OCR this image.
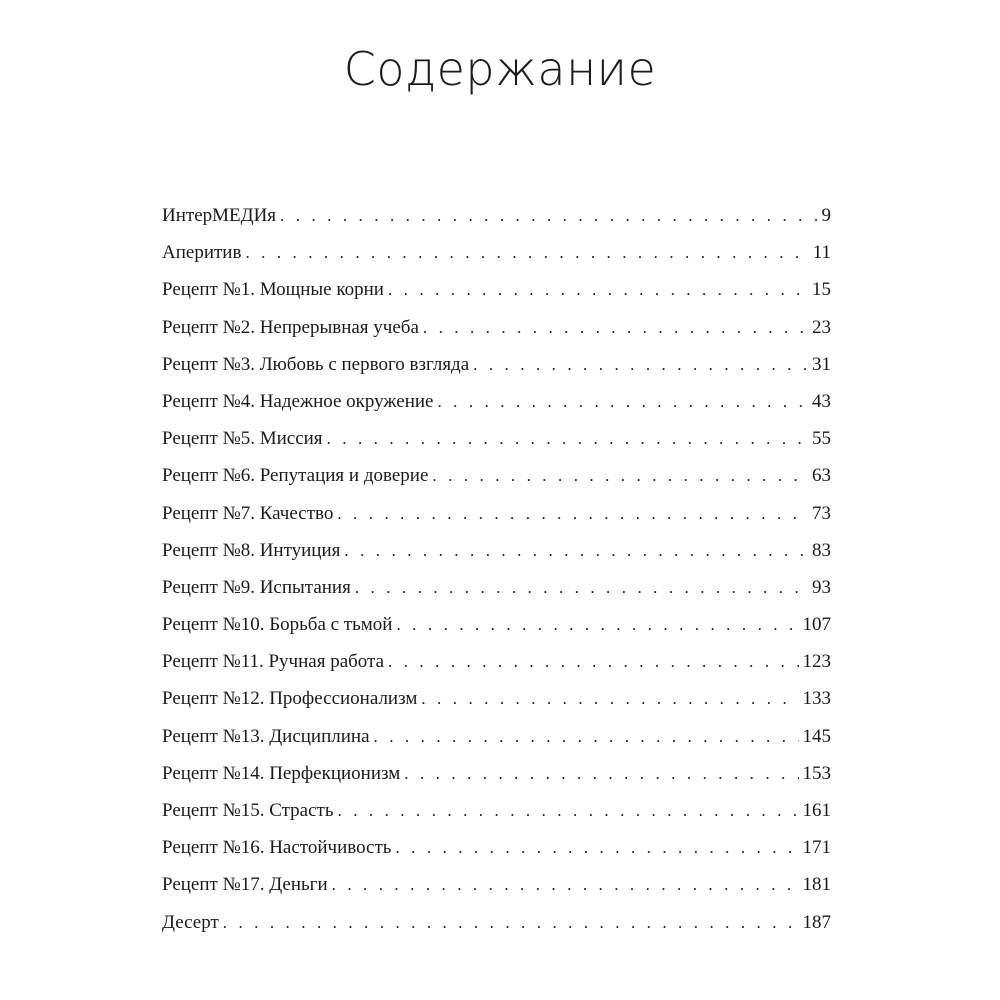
Содержание
ИнтерМЕДИя . . .	9
Аперитив . . .	11
Рецепт №1. Мощные корни . . .	15
Рецепт №2. Непрерывная учеба . . .	23
Рецепт №3. Любовь с первого взгляда . . .	31
Рецепт №4. Надежное окружение . . .	43
Рецепт №5. Миссия . . .	55
Рецепт №6. Репутация и доверие . . .	63
Рецепт №7. Качество . . .	73
Рецепт №8. Интуиция . . .	83
Рецепт №9. Испытания . . .	93
Рецепт №10. Борьба с тьмой . . .	107
Рецепт №11. Ручная работа . . .	123
Рецепт №12. Профессионализм . . .	133
Рецепт №13. Дисциплина . . .	145
Рецепт №14. Перфекционизм . . .	153
Рецепт №15. Страсть . . .	161
Рецепт №16. Настойчивость . . .	171
Рецепт №17. Деньги . . .	181
Десерт . . .	187
